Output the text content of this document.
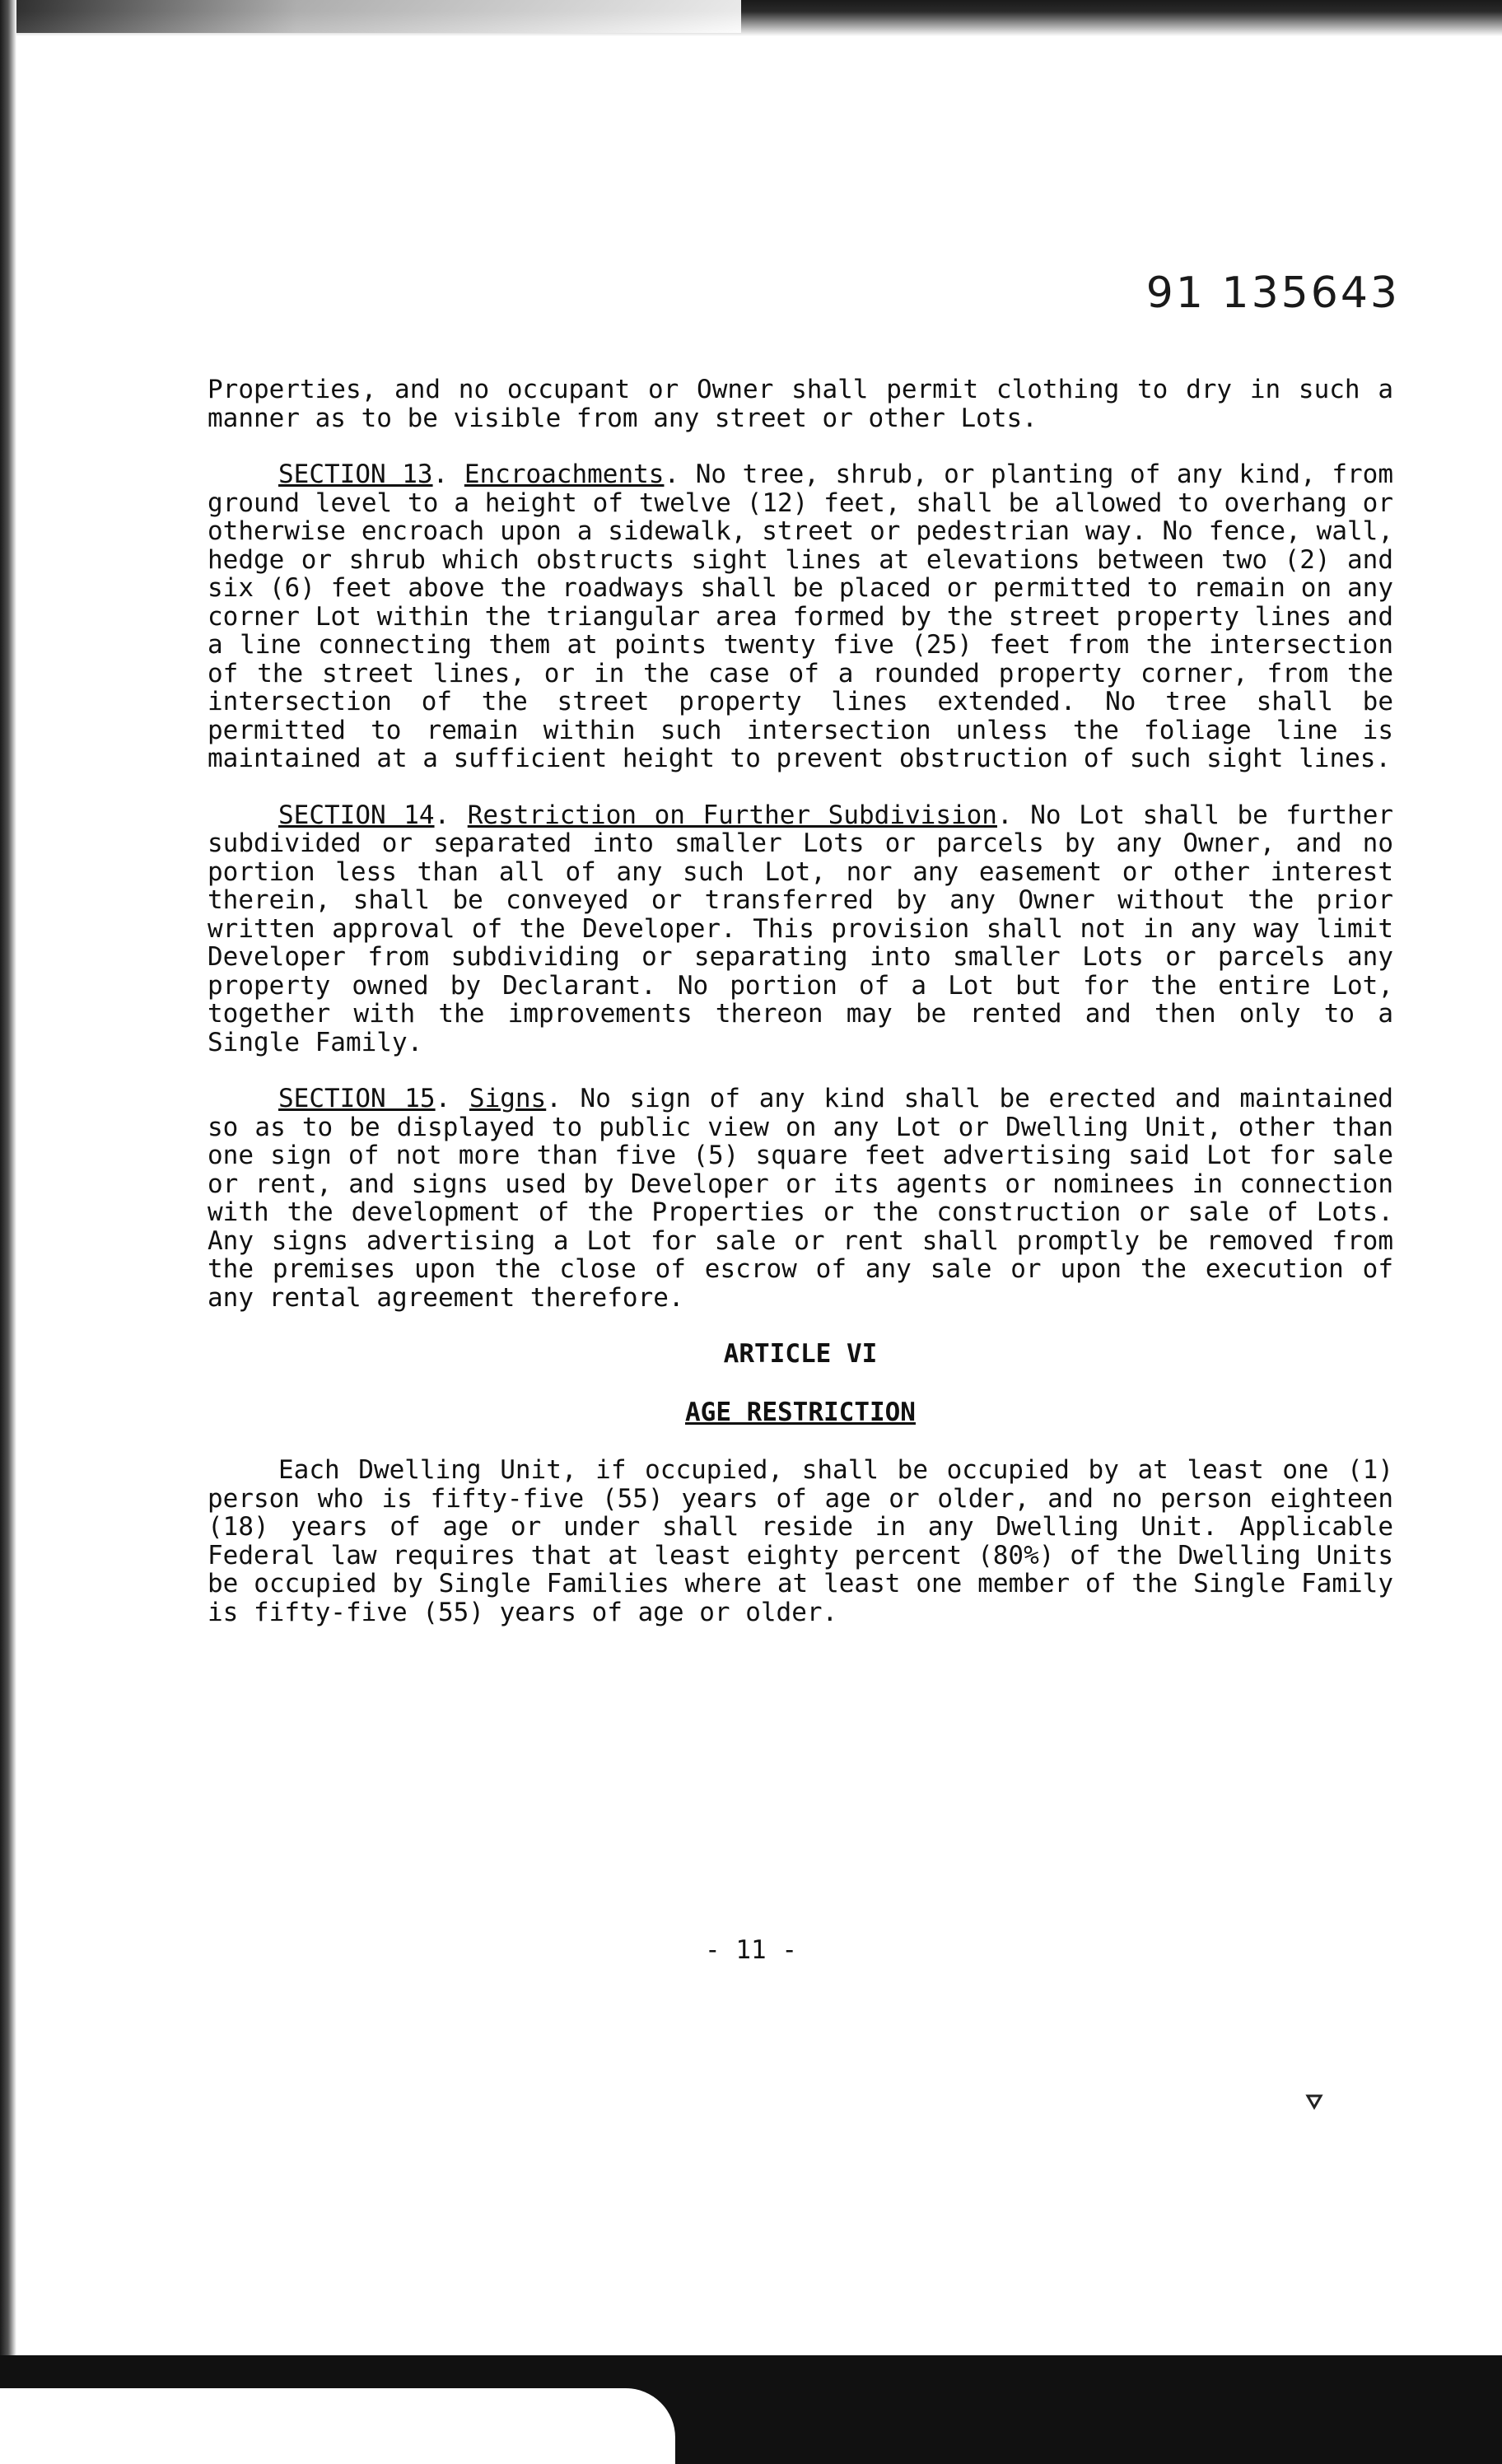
91 135643

Properties, and no occupant or Owner shall permit clothing to dry in such a manner as to be visible from any street or other Lots.

SECTION 13. Encroachments. No tree, shrub, or planting of any kind, from ground level to a height of twelve (12) feet, shall be allowed to overhang or otherwise encroach upon a sidewalk, street or pedestrian way. No fence, wall, hedge or shrub which obstructs sight lines at elevations between two (2) and six (6) feet above the roadways shall be placed or permitted to remain on any corner Lot within the triangular area formed by the street property lines and a line connecting them at points twenty five (25) feet from the intersection of the street lines, or in the case of a rounded property corner, from the intersection of the street property lines extended. No tree shall be permitted to remain within such intersection unless the foliage line is maintained at a sufficient height to prevent obstruction of such sight lines.

SECTION 14. Restriction on Further Subdivision. No Lot shall be further subdivided or separated into smaller Lots or parcels by any Owner, and no portion less than all of any such Lot, nor any easement or other interest therein, shall be conveyed or transferred by any Owner without the prior written approval of the Developer. This provision shall not in any way limit Developer from subdividing or separating into smaller Lots or parcels any property owned by Declarant. No portion of a Lot but for the entire Lot, together with the improvements thereon may be rented and then only to a Single Family.

SECTION 15. Signs. No sign of any kind shall be erected and maintained so as to be displayed to public view on any Lot or Dwelling Unit, other than one sign of not more than five (5) square feet advertising said Lot for sale or rent, and signs used by Developer or its agents or nominees in connection with the development of the Properties or the construction or sale of Lots. Any signs advertising a Lot for sale or rent shall promptly be removed from the premises upon the close of escrow of any sale or upon the execution of any rental agreement therefore.

ARTICLE VI

AGE RESTRICTION

Each Dwelling Unit, if occupied, shall be occupied by at least one (1) person who is fifty-five (55) years of age or older, and no person eighteen (18) years of age or under shall reside in any Dwelling Unit. Applicable Federal law requires that at least eighty percent (80%) of the Dwelling Units be occupied by Single Families where at least one member of the Single Family is fifty-five (55) years of age or older.

- 11 -
